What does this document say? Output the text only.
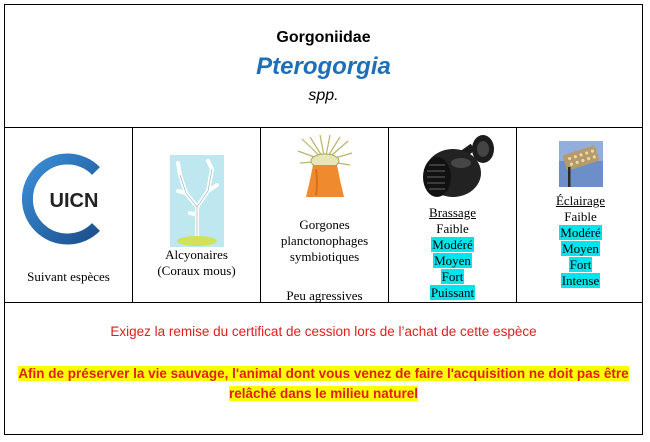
Gorgoniidae
Pterogorgia
spp.
UICN
Suivant espèces
Alcyonaires
(Coraux mous)
Gorgones
planctonophages
symbiotiques
Peu agressives
Brassage
Faible
Modéré
Moyen
Fort
Puissant
Éclairage
Faible
Modéré
Moyen
Fort
Intense
Exigez la remise du certificat de cession lors de l’achat de cette espèce
Afin de préserver la vie sauvage, l'animal dont vous venez de faire l'acquisition ne doit pas être
relâché dans le milieu naturel
